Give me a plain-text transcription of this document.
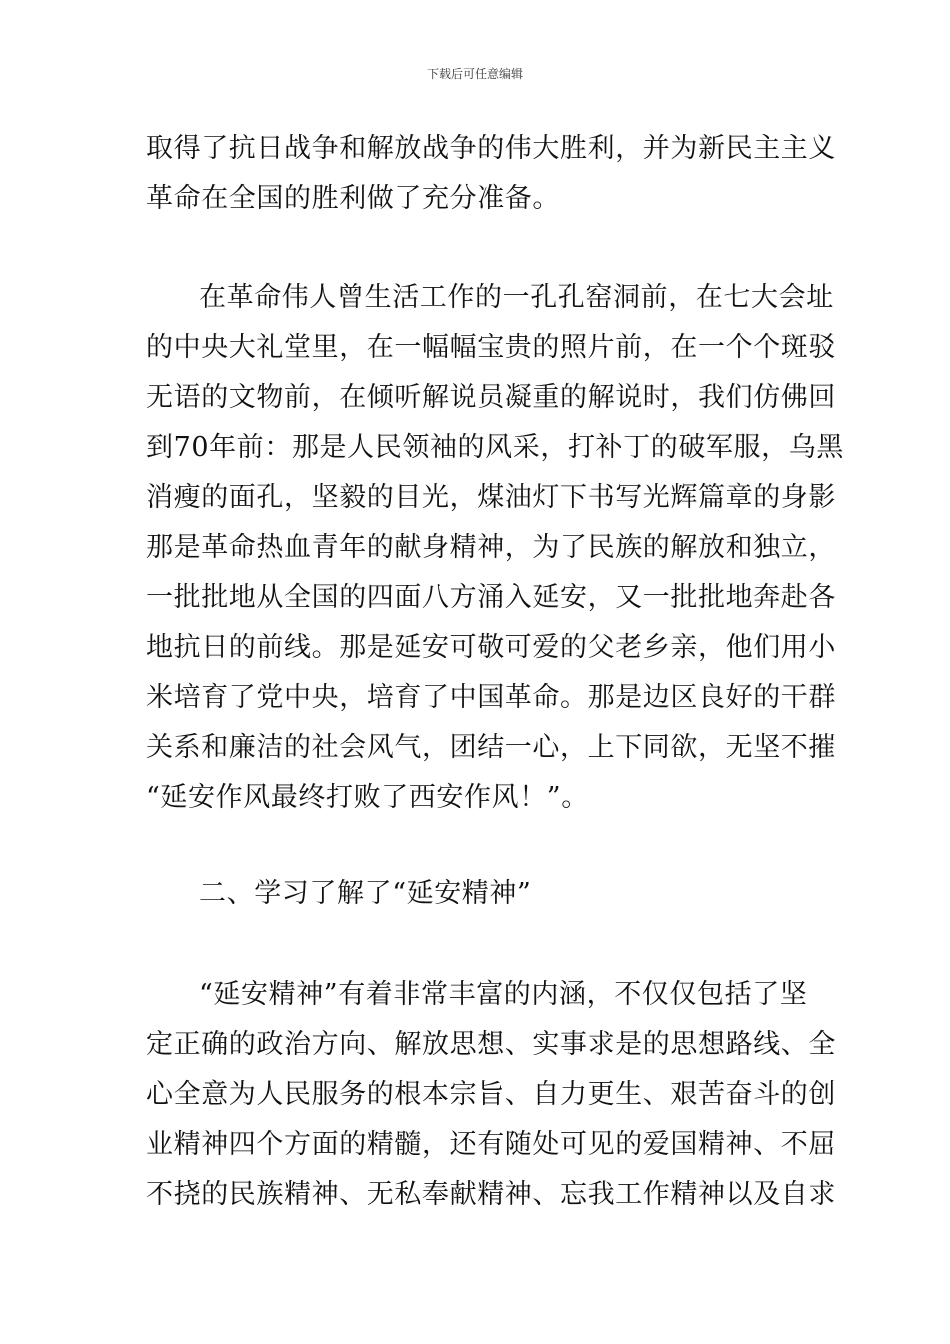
下载后可任意编辑
取得了抗日战争和解放战争的伟大胜利，并为新民主主义
革命在全国的胜利做了充分准备。
在革命伟人曾生活工作的一孔孔窑洞前，在七大会址
的中央大礼堂里，在一幅幅宝贵的照片前，在一个个斑驳
无语的文物前，在倾听解说员凝重的解说时，我们仿佛回
到70年前：那是人民领袖的风采，打补丁的破军服，乌黑
消瘦的面孔，坚毅的目光，煤油灯下书写光辉篇章的身影
那是革命热血青年的献身精神，为了民族的解放和独立，
一批批地从全国的四面八方涌入延安，又一批批地奔赴各
地抗日的前线。那是延安可敬可爱的父老乡亲，他们用小
米培育了党中央，培育了中国革命。那是边区良好的干群
关系和廉洁的社会风气，团结一心，上下同欲，无坚不摧
“延安作风最终打败了西安作风！”。
二、学习了解了“延安精神”
“延安精神”有着非常丰富的内涵，不仅仅包括了坚
定正确的政治方向、解放思想、实事求是的思想路线、全
心全意为人民服务的根本宗旨、自力更生、艰苦奋斗的创
业精神四个方面的精髓，还有随处可见的爱国精神、不屈
不挠的民族精神、无私奉献精神、忘我工作精神以及自求
